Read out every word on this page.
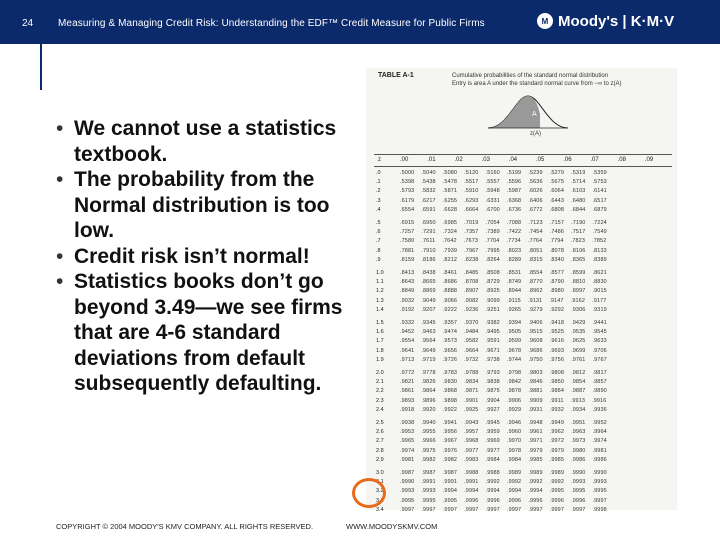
24 Measuring & Managing Credit Risk: Understanding the EDF™ Credit Measure for Public Firms	M Moody's | K·M·V
• We cannot use a statistics textbook.
• The probability from the Normal distribution is too low.
• Credit risk isn’t normal!
• Statistics books don’t go beyond 3.49—we see firms that are 4-6 standard deviations from default subsequently defaulting.
TABLE A-1	Cumulative probabilities of the standard normal distribution
Entry is area A under the standard normal curve from −∞ to z(A)
A
z(A)
z	.00	.01	.02	.03	.04	.05	.06	.07	.08	.09
.0	.5000 .5040 .5080 .5120 .5160 .5199 .5239 .5279 .5319 .5359
.1	.5398 .5438 .5478 .5517 .5557 .5596 .5636 .5675 .5714 .5753
.2	.5793 .5832 .5871 .5910 .5948 .5987 .6026 .6064 .6103 .6141
.3	.6179 .6217 .6255 .6293 .6331 .6368 .6406 .6443 .6480 .6517
.4	.6554 .6591 .6628 .6664 .6700 .6736 .6772 .6808 .6844 .6879
.5	.6915 .6950 .6985 .7019 .7054 .7088 .7123 .7157 .7190 .7224
.6	.7257 .7291 .7324 .7357 .7389 .7422 .7454 .7486 .7517 .7549
.7	.7580 .7611 .7642 .7673 .7704 .7734 .7764 .7794 .7823 .7852
.8	.7881 .7910 .7939 .7967 .7995 .8023 .8051 .8078 .8106 .8133
.9	.8159 .8186 .8212 .8238 .8264 .8289 .8315 .8340 .8365 .8389
1.0	.8413 .8438 .8461 .8485 .8508 .8531 .8554 .8577 .8599 .8621
1.1	.8643 .8665 .8686 .8708 .8729 .8749 .8770 .8790 .8810 .8830
1.2	.8849 .8869 .8888 .8907 .8925 .8944 .8962 .8980 .8997 .9015
1.3	.9032 .9049 .9066 .9082 .9099 .9115 .9131 .9147 .9162 .9177
1.4	.9192 .9207 .9222 .9236 .9251 .9265 .9279 .9292 .9306 .9319
1.5	.9332 .9345 .9357 .9370 .9382 .9394 .9406 .9418 .9429 .9441
1.6	.9452 .9463 .9474 .9484 .9495 .9505 .9515 .9525 .9535 .9545
1.7	.9554 .9564 .9573 .9582 .9591 .9599 .9608 .9616 .9625 .9633
1.8	.9641 .9649 .9656 .9664 .9671 .9678 .9686 .9693 .9699 .9706
1.9	.9713 .9719 .9726 .9732 .9738 .9744 .9750 .9756 .9761 .9767
2.0	.9772 .9778 .9783 .9788 .9793 .9798 .9803 .9808 .9812 .9817
2.1	.9821 .9826 .9830 .9834 .9838 .9842 .9846 .9850 .9854 .9857
2.2	.9861 .9864 .9868 .9871 .9875 .9878 .9881 .9884 .9887 .9890
2.3	.9893 .9896 .9898 .9901 .9904 .9906 .9909 .9911 .9913 .9916
2.4	.9918 .9920 .9922 .9925 .9927 .9929 .9931 .9932 .9934 .9936
2.5	.9938 .9940 .9941 .9943 .9945 .9946 .9948 .9949 .9951 .9952
2.6	.9953 .9955 .9956 .9957 .9959 .9960 .9961 .9962 .9963 .9964
2.7	.9965 .9966 .9967 .9968 .9969 .9970 .9971 .9972 .9973 .9974
2.8	.9974 .9975 .9976 .9977 .9977 .9978 .9979 .9979 .9980 .9981
2.9	.9981 .9982 .9982 .9983 .9984 .9984 .9985 .9985 .9986 .9986
3.0	.9987 .9987 .9987 .9988 .9988 .9989 .9989 .9989 .9990 .9990
3.1	.9990 .9991 .9991 .9991 .9992 .9992 .9992 .9992 .9993 .9993
3.2	.9993 .9993 .9994 .9994 .9994 .9994 .9994 .9995 .9995 .9995
3.3	.9995 .9995 .9995 .9996 .9996 .9996 .9996 .9996 .9996 .9997
3.4	.9997 .9997 .9997 .9997 .9997 .9997 .9997 .9997 .9997 .9998
COPYRIGHT © 2004 MOODY'S KMV COMPANY. ALL RIGHTS RESERVED.	WWW.MOODYSKMV.COM
